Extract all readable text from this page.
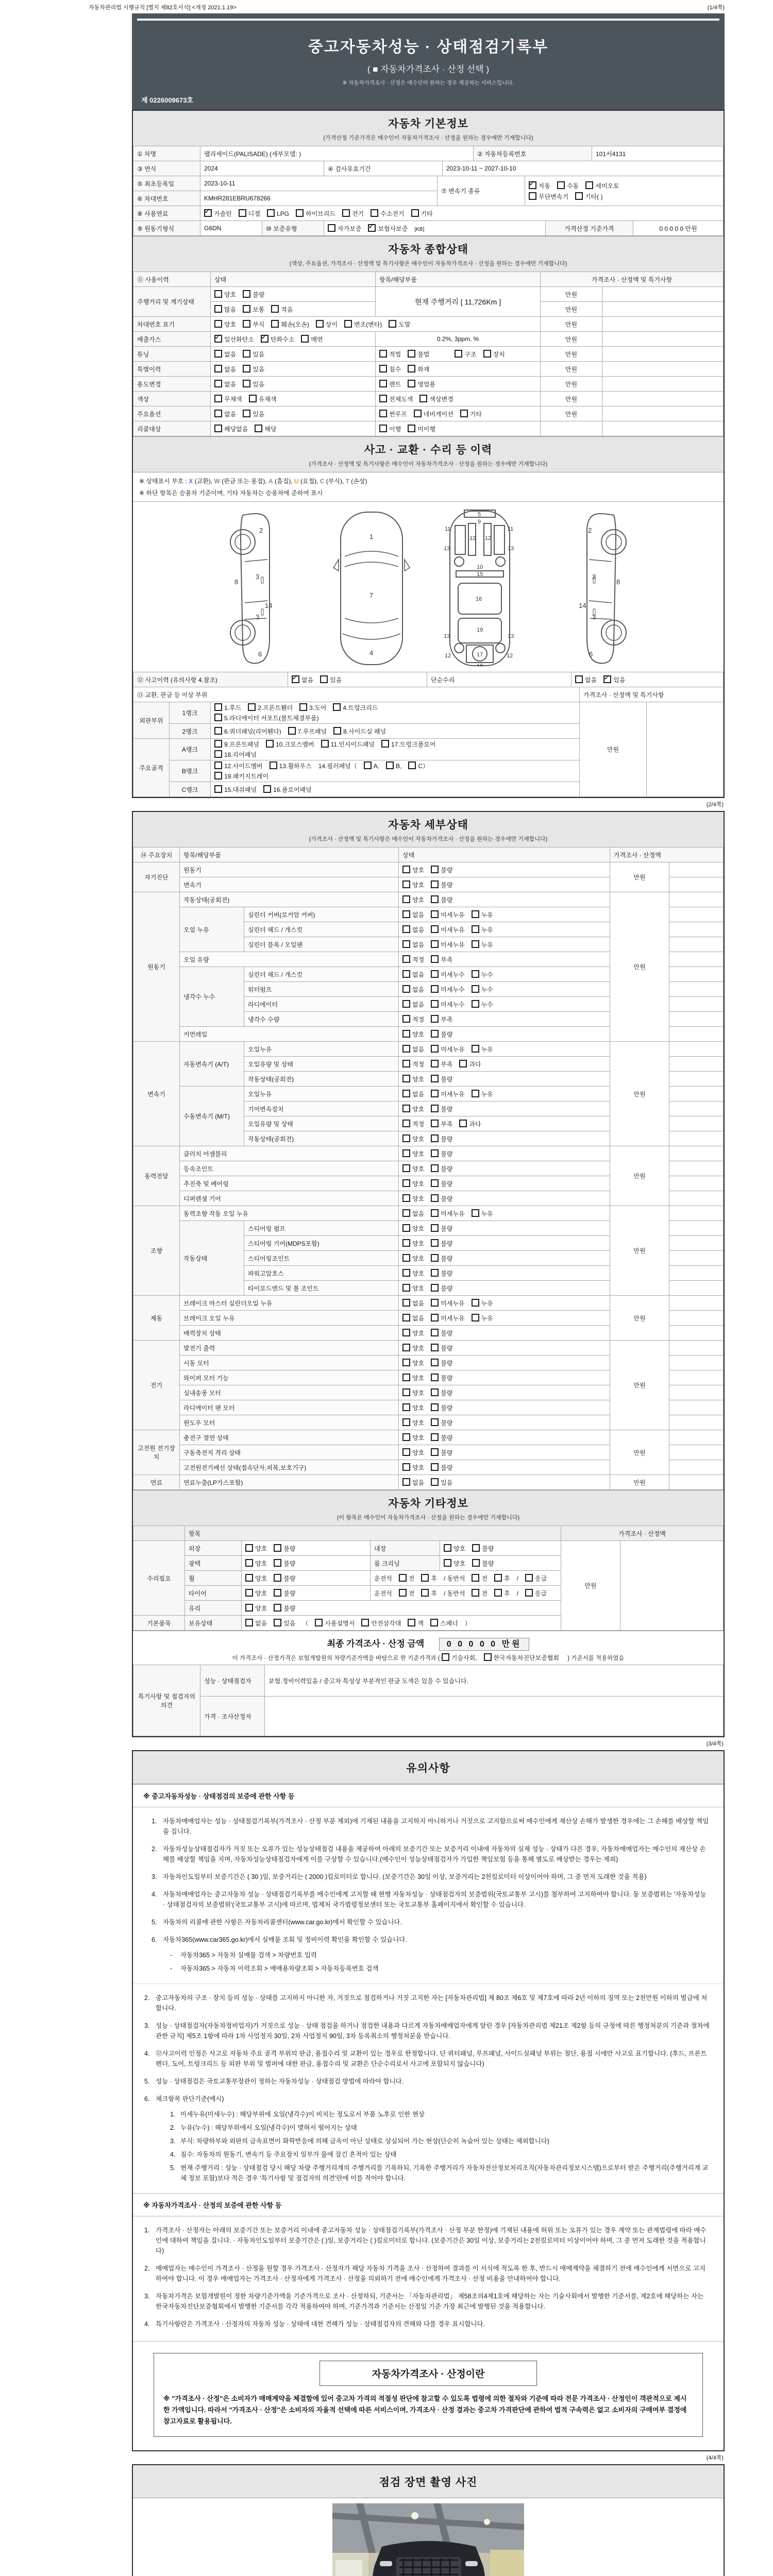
자동차관리법 시행규칙 [별지 제82호서식] <개정 2021.1.19>	(1/4쪽)
중고자동차성능 · 상태점검기록부
( ■ 자동차가격조사 · 산정 선택 )
※ 자동차가격조사 · 산정은 매수인이 원하는 경우 제공하는 서비스입니다.
제 0226009673호
자동차 기본정보
(가격산정 기준가격은 매수인이 자동차가격조사 · 산정을 원하는 경우에만 기재합니다)
① 차명	팰리세이드(PALISADE) (세부모델: )	② 자동차등록번호	101서4131
③ 연식	2024	④ 검사유효기간	2023-10-11 ~ 2027-10-10
⑤ 최초등록일	2023-10-11	⑦ 변속기 종류	
✓자동 수동 세미오토
무단변속기 기타( )

⑥ 차대번호	KMHR281EBRU678266		
⑧ 사용연료	✓가솔린	디젤	LPG	하이브리드	전기	수소전기	기타
⑨ 원동기형식	G6DN	⑩ 보증유형	자가보증 ✓	보험사보증 [KB]	가격산정 기준가격	0 0 0 0 0 만원
자동차 종합상태
(색상, 주요옵션, 가격조사 · 산정액 및 특기사항은 매수인이 자동차가격조사 · 산정을 원하는 경우에만 기재합니다)
⑪ 사용이력	상태	항목/해당부품	가격조사 · 산정액 및 특기사항	
주행거리 및 계기상태	양호 불량	현재 주행거리 [ 11,726Km ]	만원	
	많음 보통 적음		만원	
차대번호 표기	양호 부식 훼손(오손) 상이 변조(변타) 도말		만원	
배출가스	✓일산화탄소 ✓ 탄화수소 매연	0.2%, 3ppm, %	만원	
튜닝	없음 있음	적법 불법 구조 장치	만원	
특별이력	없음 있음	침수 화재	만원	
용도변경	없음 있음	렌트 영업용	만원	
색상	무채색 유채색	전체도색 색상변경	만원	
주요옵션	없음 있음	썬루프 네비게이션 기타	만원	
리콜대상	해당없음 해당	이행 미이행		
사고 · 교환 · 수리 등 이력
(가격조사 · 산정액 및 특기사항은 매수인이 자동차가격조사 · 산정을 원하는 경우에만 기재합니다)
※ 상태표시 부호 : X (교환), W (판금 또는 용접), A (흠집), U (요철), C (부식), T (손상)
※ 하단 항목은 승용차 기준이며, 기타 자동차는 승용차에 준하여 표시
2
8
3
14
3
6
1
7
4
5
11	11
13	13
12 12
9
10
15
16
13	13
19
17
12	12
18
2
8
3
14
3
6
⑫ 사고이력 (유의사항 4.참조)	✓없음	있음	단순수리	없음 ✓	있음
⑬ 교환, 판금 등 이상 부위			가격조사 · 산정액 및 특기사항	
외판부위	1랭크	1.후드 2.프론트휀더 3.도어 4.트렁크리드
5.라디에이터 서포트(볼트체결부품)	만원	
	2랭크	6.쿼더패널(리어휀다) 7.루프패널 8.사이드실 패널		
주요골격	A랭크	9.프론트패널 10.크로스멤버 11.인사이드패널 17.트렁크플로어
18.리어패널		

	B랭크	12.사이드멤버 13.휠하우스 14.필러패널（ A, B, C）
19.패키지트레이		

	C랭크	15.대쉬패널 16.플로어패널		
(2/4쪽)
자동차 세부상태
(가격조사 · 산정액 및 특기사항은 매수인이 자동차가격조사 · 산정을 원하는 경우에만 기재합니다)
⑭ 주요장치	항목/해당부품		상태	가격조사 · 산정액	
자기진단	원동기		양호 불량	만원	
	변속기		양호 불량		
원동기	작동상태(공회전)		양호 불량	만원	
	오일 누유	실린더 커버(로커암 커버)	없음 미세누유 누유		
		실린더 헤드 / 개스킷	없음 미세누유 누유		
		실린더 블록 / 오일팬	없음 미세누유 누유		
	오일 유량		적정 부족		
	냉각수 누수	실린더 헤드 / 개스킷	없음 미세누수 누수		
		워터펌프	없음 미세누수 누수		
		라디에이터	없음 미세누수 누수		
		냉각수 수량	적정 부족		
	커먼레일		양호 불량		
변속기	자동변속기 (A/T)	오일누유	없음 미세누유 누유	만원	
		오일유량 및 상태	적정 부족 과다		
		작동상태(공회전)	양호 불량		
	수동변속기 (M/T)	오일누유	없음 미세누유 누유		
		기어변속장치	양호 불량		
		오일유량 및 상태	적정 부족 과다		
		작동상태(공회전)	양호 불량		
동력전달	클러치 어셈블리		양호 불량	만원	
	등속조인트		양호 불량		
	추진축 및 베어링		양호 불량		
	디퍼렌셜 기어		양호 불량		
조향	동력조향 작동 오일 누유		없음 미세누유 누유	만원	
	작동상태	스티어링 펌프	양호 불량		
		스티어링 기어(MDPS포함)	양호 불량		
		스티어링조인트	양호 불량		
		파워고압호스	양호 불량		
		타이로드엔드 및 볼 조인트	양호 불량		
제동	브레이크 마스터 실린더오일 누유		없음 미세누유 누유	만원	
	브레이크 오일 누유		없음 미세누유 누유		
	배력장치 상태		양호 불량		
전기	발전기 출력		양호 불량	만원	
	시동 모터		양호 불량		
	와이퍼 모터 기능		양호 불량		
	실내송풍 모터		양호 불량		
	라디에이터 팬 모터		양호 불량		
	윈도우 모터		양호 불량		
고전원 전기장치	충전구 절연 상태		양호 불량	만원	
	구동축전지 격리 상태		양호 불량		
	고전원전기배선 상태(접속단자,피복,보호기구)		양호 불량		
연료	연료누출(LP가스포함)		없음 있음	만원	
자동차 기타정보
(이 항목은 매수인이 자동차가격조사 · 산정을 원하는 경우에만 기재합니다)
	항목				가격조사 · 산정액	
수리필요	외장	양호 불량	내장	양호 불량	만원	
	광택	양호 불량	룸 크리닝	양호 불량		
	휠	양호 불량	운전석 전 후 / 동반석 전 후 / 응급			
	타이어	양호 불량	운전석 전 후 / 동반석 전 후 / 응급			
	유리	양호 불량				
기본품목	보유상태	없음 있음 （ 사용설명서 안전삼각대 잭 스패너 ）				
최종 가격조사 · 산정 금액	0 0 0 0 0 만원
이 가격조사 · 산정가격은 보험개발원의 차량기준가액을 바탕으로 한 기준가격과 ( 기술사회,	한국자동차진단보증협회 ) 기준서를 적용하였음
특기사항 및 점검자의 의견	성능 · 상태점검자	보험.정비이력있음 / 중고차 특성상 부분적인 판금 도색은 있을 수 있습니다.
	가격 · 조사산정자	
(3/4쪽)
유의사항
※ 중고자동차성능 · 상태점검의 보증에 관한 사항 등
1. 자동차매매업자는 성능 · 상태점검기록부(가격조사 · 산정 부분 제외)에 기재된 내용을 고지하지 아니하거나 거짓으로 고지함으로써 매수인에게 재산상 손해가 발생한 경우에는 그 손해를 배상할 책임을 집니다.
2. 자동차성능상태점검자가 거짓 또는 오류가 있는 성능상태점검 내용을 제공하여 아래의 보증기간 또는 보증거리 이내에 자동차의 실제 성능 · 상태가 다른 경우, 자동차매매업자는 매수인의 재산상 손해를 배상할 책임을 지며, 자동차성능상태점검자에게 이를 구상할 수 있습니다.(매수인이 성능상태점검자가 가입한 책임보험 등을 통해 별도로 배상받는 경우는 제외)
3. 자동차인도일부터 보증기간은 ( 30 )일, 보증거리는 ( 2000 )킬로미터로 합니다. (보증기간은 30일 이상, 보증거리는 2천킬로미터 이상이어야 하며, 그 중 먼저 도래한 것을 적용)
4. 자동차매매업자는 중고자동차 성능 · 상태점검기록부를 매수인에게 고지할 때 현행 자동차성능 · 상태점검자의 보증범위(국토교통부 고시)를 첨부하여 고지하여야 합니다. 동 보증범위는 '자동차성능 · 상태점검자의 보증범위'(국토교통부 고시)에 따르며, 법제처 국가법령정보센터 또는 국토교통부 홈페이지에서 확인할 수 있습니다.
5. 자동차의 리콜에 관한 사항은 자동차리콜센터(www.car.go.kr)에서 확인할 수 있습니다.
6. 자동차365(www.car365.go.kr)에서 실매물 조회 및 정비이력 확인을 확인할 수 있습니다.
-	자동차365 > 자동차 실매물 검색 > 차량번호 입력
-	자동차365 > 자동차 이력조회 > 매매용차량조회 > 자동차등록번호 검색
2. 중고자동차의 구조 · 장치 등의 성능 · 상태를 고지하지 아니한 자, 거짓으로 점검하거나 거짓 고지한 자는 [자동차관리법] 제 80조 제6호 및 제7호에 따라 2년 이하의 징역 또는 2천만원 이하의 벌금에 처합니다.
3. 성능 · 상태점검자(자동차정비업자)가 거짓으로 성능 · 상태 점검을 하거나 점검한 내용과 다르게 자동차매매업자에게 알린 경우 [자동차관리법 제21조 제2항 등의 규정에 따른 행정처분의 기준과 절차에 관한 규칙] 제5조 1항에 따라 1차 사업정지 30일, 2차 사업정지 90일, 3차 등록취소의 행정처분을 받습니다.
4. ⑫사고이력 인정은 사고로 자동차 주요 골격 부위의 판금, 용접수리 및 교환이 있는 경우로 한정합니다. 단 쿼터패널, 루프패널, 사이드실패널 부위는 절단, 용접 시에만 사고로 표기합니다. (후드, 프론트펜더, 도어, 트렁크리드 등 외판 부위 및 범퍼에 대한 판금, 용접수리 및 교환은 단순수리로서 사고에 포함되지 않습니다)
5. 성능 · 상태점검은 국토교통부장관이 정하는 자동차성능 · 상태점검 방법에 따라야 합니다.
6. 체크항목 판단기준(예시)
1. 미세누유(미세누수) : 해당부위에 오일(냉각수)이 비치는 정도로서 부품 노후로 인한 현상
2. 누유(누수) : 해당부위에서 오일(냉각수)이 맺혀서 떨어지는 상태
3. 부식: 차량하부와 외판의 금속표면이 화학반응에 의해 금속이 아닌 상태로 상실되어 가는 현상(단순히 녹슬어 있는 상태는 제외합니다)
4. 침수: 자동차의 원동기, 변속기 등 주요장치 일부가 물에 잠긴 흔적이 있는 상태
5. 현재 주행거리 : 성능 · 상태점검 당시 해당 차량 주행거리계의 주행거리를 기록하되, 기록한 주행거리가 자동차전산정보처리조직(자동차관리정보시스템)으로부터 받은 주행거리(주행거리계 교체 정보 포함)보다 적은 경우 '특기사항 및 점검자의 의견'란에 이를 적어야 합니다.
※ 자동차가격조사 · 산정의 보증에 관한 사항 등
1. 가격조사 · 산정자는 아래의 보증기간 또는 보증거리 이내에 중고자동차 성능 · 상태점검기록부(가격조사 · 산정 부분 한정)에 기재된 내용에 허위 또는 오류가 있는 경우 계약 또는 관계법령에 따라 매수인에 대하여 책임을 집니다. · 자동차인도일부터 보증기간은 ( )일, 보증거리는 ( )킬로미터로 합니다. (보증기간은 30일 이상, 보증거리는 2천킬로미터 이상이어야 하며, 그 중 먼저 도래한 것을 적용합니다)
2. 매매업자는 매수인이 가격조사 · 산정을 원할 경우 가격조사 · 산정자가 해당 자동차 가격을 조사 · 산정하여 결과를 이 서식에 적도록 한 후, 반드시 매매계약을 체결하기 전에 매수인에게 서면으로 고지하여야 합니다. 이 경우 매매업자는 가격조사 · 산정자에게 가격조사 · 산정을 의뢰하기 전에 매수인에게 가격조사 · 산정 비용을 안내하여야 합니다.
3. 자동차가격은 보험개발원이 정한 차량기준가액을 기준가격으로 조사 · 산정하되, 기준서는 「자동차관리법」 제58조의4제1호에 해당하는 자는 기술사회에서 발행한 기준서를, 제2호에 해당하는 자는 한국자동차진단보증협회에서 발행한 기준서를 각각 적용하여야 하며, 기준가격과 기준서는 산정일 기준 가장 최근에 발행된 것을 적용합니다.
4. 특기사항란은 가격조사 · 산정자의 자동차 성능 · 상태에 대한 견해가 성능 · 상태점검자의 견해와 다를 경우 표시합니다.
자동차가격조사 · 산정이란
※ "가격조사 · 산정"은 소비자가 매매계약을 체결함에 있어 중고차 가격의 적절성 판단에 참고할 수 있도록 법령에 의한 절차와 기준에 따라 전문 가격조사 · 산정인이 객관적으로 제시한 가액입니다. 따라서 "가격조사 · 산정"은 소비자의 자율적 선택에 따른 서비스이며, 가격조사 · 산정 결과는 중고차 가격판단에 관하여 법적 구속력은 없고 소비자의 구매여부 결정에 참고자료로 활용됩니다.
(4/4쪽)
점검 장면 촬영 사진
